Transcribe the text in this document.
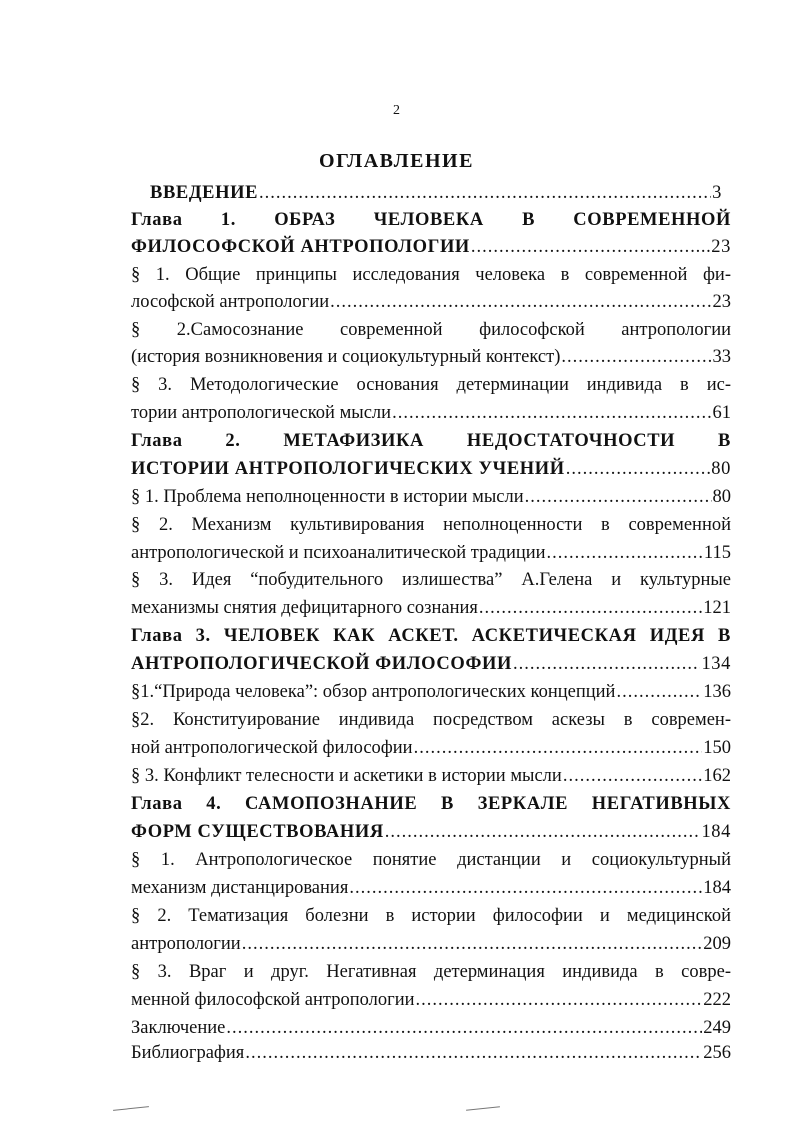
2
ОГЛАВЛЕНИЕ
ВВЕДЕНИЕ .....	3
Глава 1. ОБРАЗ ЧЕЛОВЕКА В СОВРЕМЕННОЙ
ФИЛОСОФСКОЙ АНТРОПОЛОГИИ .....	...23
§ 1. Общие принципы исследования человека в современной фи-
лософской антропологии .....	23
§ 2.Самосознание современной философской антропологии
(история возникновения и социокультурный контекст) .....	33
§ 3. Методологические основания детерминации индивида в ис-
тории антропологической мысли .....	61
Глава 2. МЕТАФИЗИКА НЕДОСТАТОЧНОСТИ В
ИСТОРИИ АНТРОПОЛОГИЧЕСКИХ УЧЕНИЙ .....	80
§ 1. Проблема неполноценности в истории мысли .....	80
§ 2. Механизм культивирования неполноценности в современной
антропологической и психоаналитической традиции .....	115
§ 3. Идея “побудительного излишества” А.Гелена и культурные
механизмы снятия дефицитарного сознания .....	121
Глава 3. ЧЕЛОВЕК КАК АСКЕТ. АСКЕТИЧЕСКАЯ ИДЕЯ В
АНТРОПОЛОГИЧЕСКОЙ ФИЛОСОФИИ .....	134
§1.“Природа человека”: обзор антропологических концепций .....	136
§2. Конституирование индивида посредством аскезы в современ-
ной антропологической философии .....	150
§ 3. Конфликт телесности и аскетики в истории мысли .....	162
Глава 4. САМОПОЗНАНИЕ В ЗЕРКАЛЕ НЕГАТИВНЫХ
ФОРМ СУЩЕСТВОВАНИЯ .....	184
§ 1. Антропологическое понятие дистанции и социокультурный
механизм дистанцирования .....	184
§ 2. Тематизация болезни в истории философии и медицинской
антропологии .....	209
§ 3. Враг и друг. Негативная детерминация индивида в совре-
менной философской антропологии .....	222
Заключение .....	249
Библиография .....	256
